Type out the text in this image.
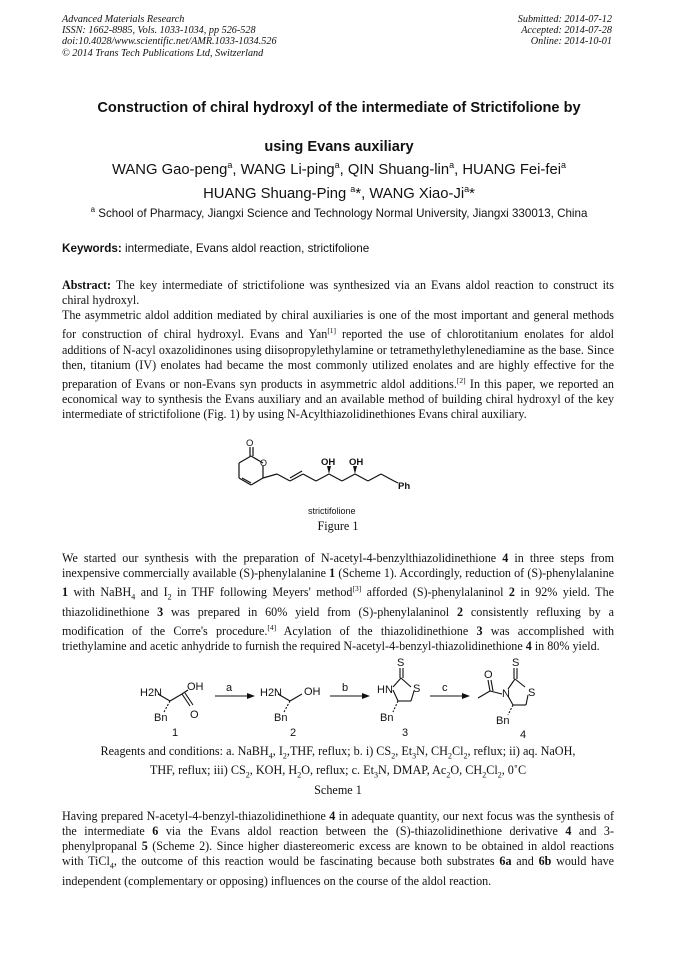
Advanced Materials Research
ISSN: 1662-8985, Vols. 1033-1034, pp 526-528
doi:10.4028/www.scientific.net/AMR.1033-1034.526
© 2014 Trans Tech Publications Ltd, Switzerland
Submitted: 2014-07-12
Accepted: 2014-07-28
Online: 2014-10-01
Construction of chiral hydroxyl of the intermediate of Strictifolione by
using Evans auxiliary
WANG Gao-peng$^a$, WANG Li-ping$^a$, QIN Shuang-lin$^a$, HUANG Fei-fei$^a$
HUANG Shuang-Ping $^a$*, WANG Xiao-Ji$^a$*
$^a$ School of Pharmacy, Jiangxi Science and Technology Normal University, Jiangxi 330013, China
Keywords: intermediate, Evans aldol reaction, strictifolione

Abstract: The key intermediate of strictifolione was synthesized via an Evans aldol reaction to construct its chiral hydroxyl.

The asymmetric aldol addition mediated by chiral auxiliaries is one of the most important and general methods for construction of chiral hydroxyl. Evans and Yan[1] reported the use of chlorotitanium enolates for aldol additions of N-acyl oxazolidinones using diisopropylethylamine or tetramethylethylenediamine as the base. Since then, titanium (IV) enolates had became the most commonly utilized enolates and are highly effective for the preparation of Evans or non-Evans syn products in asymmetric aldol additions.[2] In this paper, we reported an economical way to synthesis the Evans auxiliary and an available method of building chiral hydroxyl of the key intermediate of strictifolione (Fig. 1) by using N-Acylthiazolidinethiones Evans chiral auxiliary.

O
O	OH OH
Ph
strictifolione
Figure 1

We started our synthesis with the preparation of N-acetyl-4-benzylthiazolidinethione 4 in three steps from inexpensive commercially available (S)-phenylalanine 1 (Scheme 1). Accordingly, reduction of (S)-phenylalanine 1 with NaBH$_4$ and $I_2$ in THF following Meyers' method[3] afforded (S)-phenylalaninol 2 in 92% yield. The thiazolidinethione 3 was prepared in 60% yield from (S)-phenylalaninol 2 consistently refluxing by a modification of the Corre's procedure.[4] Acylation of the thiazolidinethione 3 was accomplished with triethylamine and acetic anhydride to furnish the required N-acetyl-4-benzyl-thiazolidinethione 4 in 80% yield.

H2N OH
Bn O
1
a	H2N OH
Bn
2
b
S
HN S
Bn
3
c
O
S
N S
Bn
4
Reagents and conditions: a. NaBH$_4$, $I_2,THF$, reflux; b. i) $CS_2$, $Et_3N$, $CH_2Cl_2$, reflux; ii) aq. NaOH,
THF, reflux; iii) $CS_2$, KOH, $H_2O$, reflux; c. $Et_3N$, DMAP, $Ac_2O$, $CH_2Cl_2$, 0˚C
Scheme 1

Having prepared N-acetyl-4-benzyl-thiazolidinethione 4 in adequate quantity, our next focus was the synthesis of the intermediate 6 via the Evans aldol reaction between the (S)-thiazolidinethione derivative 4 and 3-phenylpropanal 5 (Scheme 2). Since higher diastereomeric excess are known to be obtained in aldol reactions with TiCl$_4$, the outcome of this reaction would be fascinating because both substrates 6a and 6b would have independent (complementary or opposing) influences on the course of the aldol reaction.
